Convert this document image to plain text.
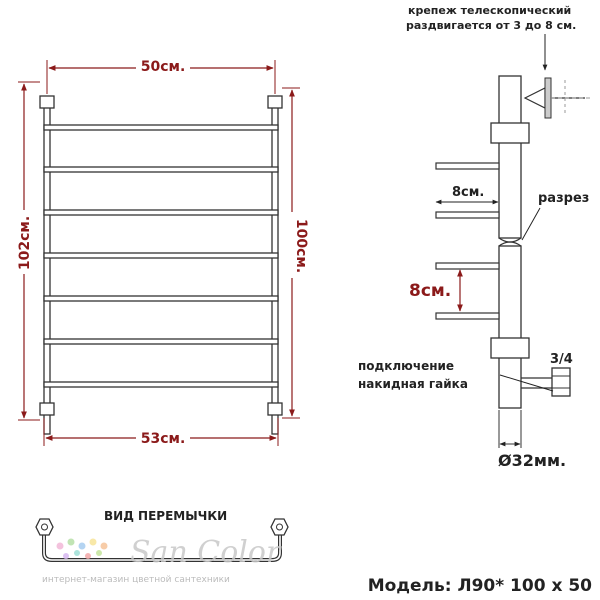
50см.
53см.
102см.	100см.
крепеж телескопический
раздвигается от 3 до 8 см.
8см.	разрез
8см.
3/4
подключение
накидная гайка
Ø32мм.
ВИД ПЕРЕМЫЧКИ
San Color
интернет-магазин цветной сантехники	Модель: Л90* 100 х 50
